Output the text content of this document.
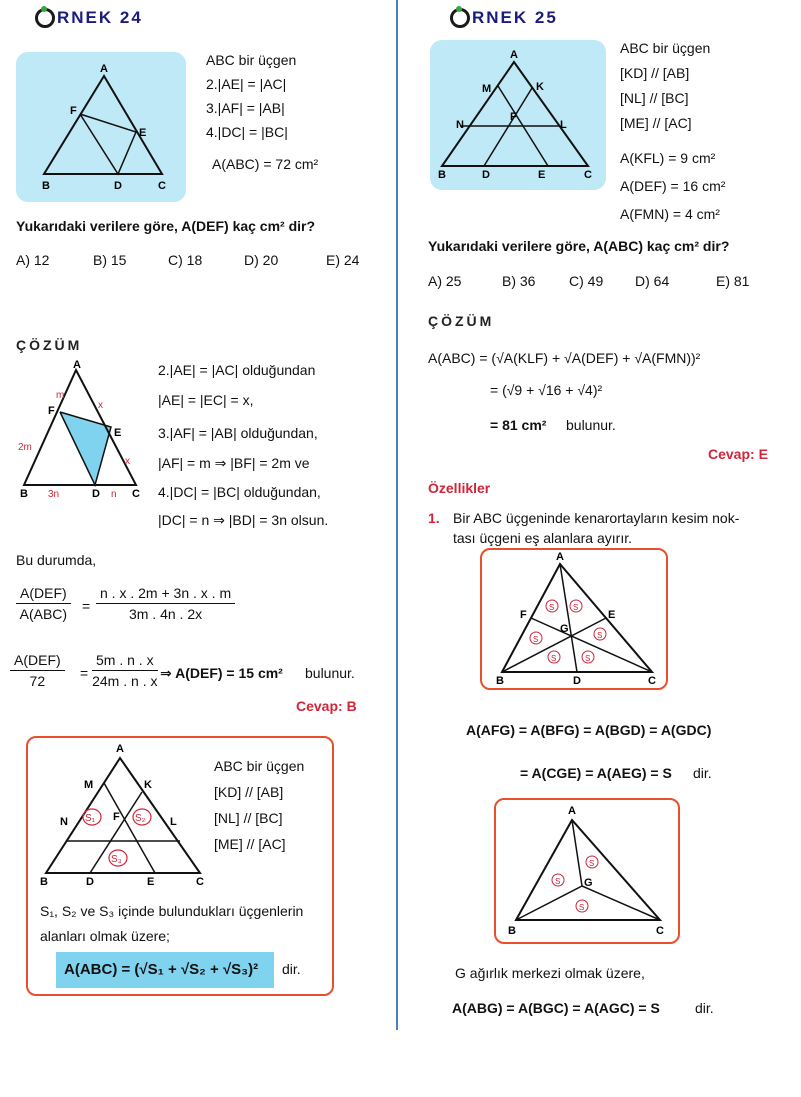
RNEK 24
A
B	C
D
E
F
ABC bir üçgen
2.|AE| = |AC|
3.|AF| = |AB|
4.|DC| = |BC|
A(ABC) = 72 cm²
Yukarıdaki verilere göre, A(DEF) kaç cm² dir?
A) 12	B) 15	C) 18	D) 20	E) 24
ÇÖZÜM
A
B	C
D
E
F
m
x
x
2m
3n	n
2.|AE| = |AC| olduğundan
|AE| = |EC| = x,
3.|AF| = |AB| olduğundan,
|AF| = m ⇒ |BF| = 2m ve
4.|DC| = |BC| olduğundan,
|DC| = n ⇒ |BD| = 3n olsun.
Bu durumda,
A(DEF)
$A(ABC) = \frac{n . x . 2m + 3n . x . m}{3m . 4n . 2x}$
A(DEF)
$72 = \frac{5m . n . x}{24m . n . x}$ ⇒ A(DEF) = 15 cm² bulunur.
Cevap: B
S₁	S₂
S₃
A
B	C
D	E
F
K
L
M
N
ABC bir üçgen
[KD] // [AB]
[NL] // [BC]
[ME] // [AC]
S₁, S₂ ve S₃ içinde bulundukları üçgenlerin
alanları olmak üzere;
A(ABC) = (√S₁ + √S₂ + √S₃)² dir.
RNEK 25
A
B	C
D	E
F
K
L
M
N
ABC bir üçgen
[KD] // [AB]
[NL] // [BC]
[ME] // [AC]
A(KFL) = 9 cm²
A(DEF) = 16 cm²
A(FMN) = 4 cm²
Yukarıdaki verilere göre, A(ABC) kaç cm² dir?
A) 25	B) 36 C) 49 D) 64	E) 81
ÇÖZÜM
A(ABC) = (√A(KLF) + √A(DEF) + √A(FMN))²
= (√9 + √16 + √4)²
= 81 cm² bulunur.
Cevap: E
Özellikler
1. Bir ABC üçgeninde kenarortayların kesim nok-
tası üçgeni eş alanlara ayırır.
A
B	C
D
E
F
G
S S
S	S
S	S
A(AFG) = A(BFG) = A(BGD) = A(GDC)
= A(CGE) = A(AEG) = S dir.
A
B	C
G
S
S
S
G ağırlık merkezi olmak üzere,
A(ABG) = A(BGC) = A(AGC) = S	dir.
